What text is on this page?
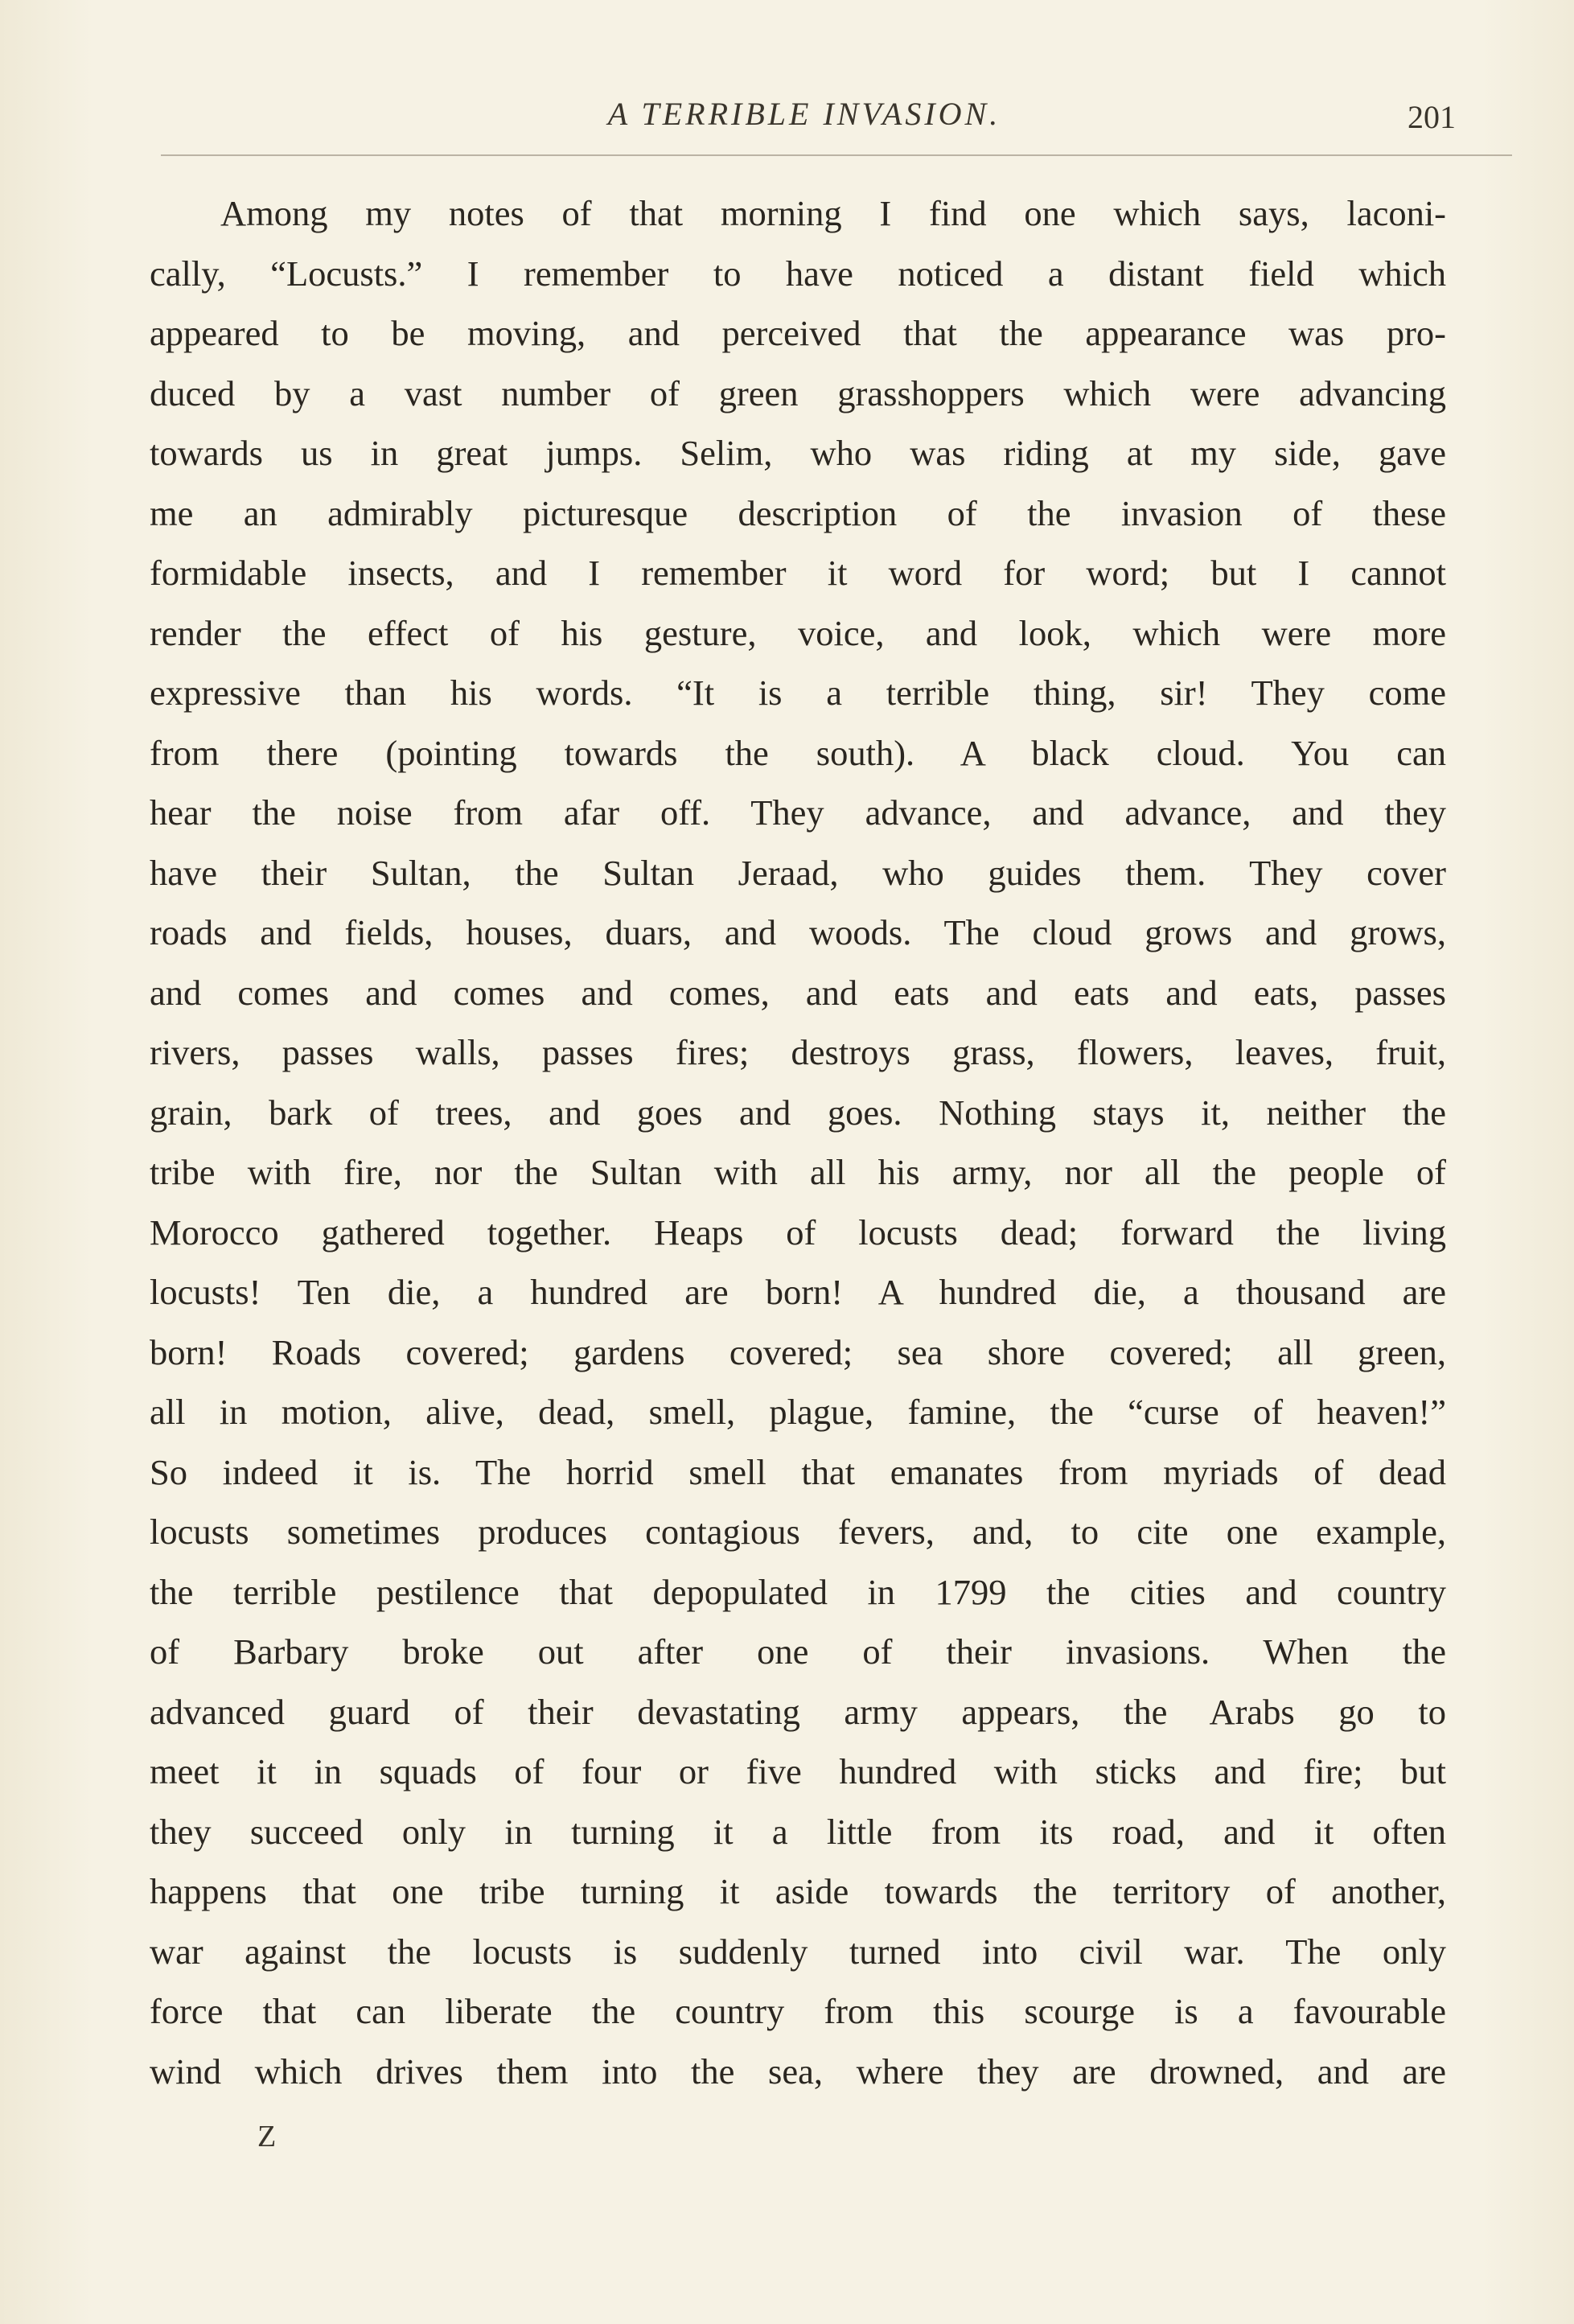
A TERRIBLE INVASION.	201
Among my notes of that morning I find one which says, laconi-
cally, “Locusts.” I remember to have noticed a distant field which
appeared to be moving, and perceived that the appearance was pro-
duced by a vast number of green grasshoppers which were advancing
towards us in great jumps. Selim, who was riding at my side, gave
me an admirably picturesque description of the invasion of these
formidable insects, and I remember it word for word; but I cannot
render the effect of his gesture, voice, and look, which were more
expressive than his words. “It is a terrible thing, sir! They come
from there (pointing towards the south). A black cloud. You can
hear the noise from afar off. They advance, and advance, and they
have their Sultan, the Sultan Jeraad, who guides them. They cover
roads and fields, houses, duars, and woods. The cloud grows and grows,
and comes and comes and comes, and eats and eats and eats, passes
rivers, passes walls, passes fires; destroys grass, flowers, leaves, fruit,
grain, bark of trees, and goes and goes. Nothing stays it, neither the
tribe with fire, nor the Sultan with all his army, nor all the people of
Morocco gathered together. Heaps of locusts dead; forward the living
locusts! Ten die, a hundred are born! A hundred die, a thousand are
born! Roads covered; gardens covered; sea shore covered; all green,
all in motion, alive, dead, smell, plague, famine, the “curse of heaven!”
So indeed it is. The horrid smell that emanates from myriads of dead
locusts sometimes produces contagious fevers, and, to cite one example,
the terrible pestilence that depopulated in 1799 the cities and country
of Barbary broke out after one of their invasions. When the
advanced guard of their devastating army appears, the Arabs go to
meet it in squads of four or five hundred with sticks and fire; but
they succeed only in turning it a little from its road, and it often
happens that one tribe turning it aside towards the territory of another,
war against the locusts is suddenly turned into civil war. The only
force that can liberate the country from this scourge is a favourable
wind which drives them into the sea, where they are drowned, and are
Z
